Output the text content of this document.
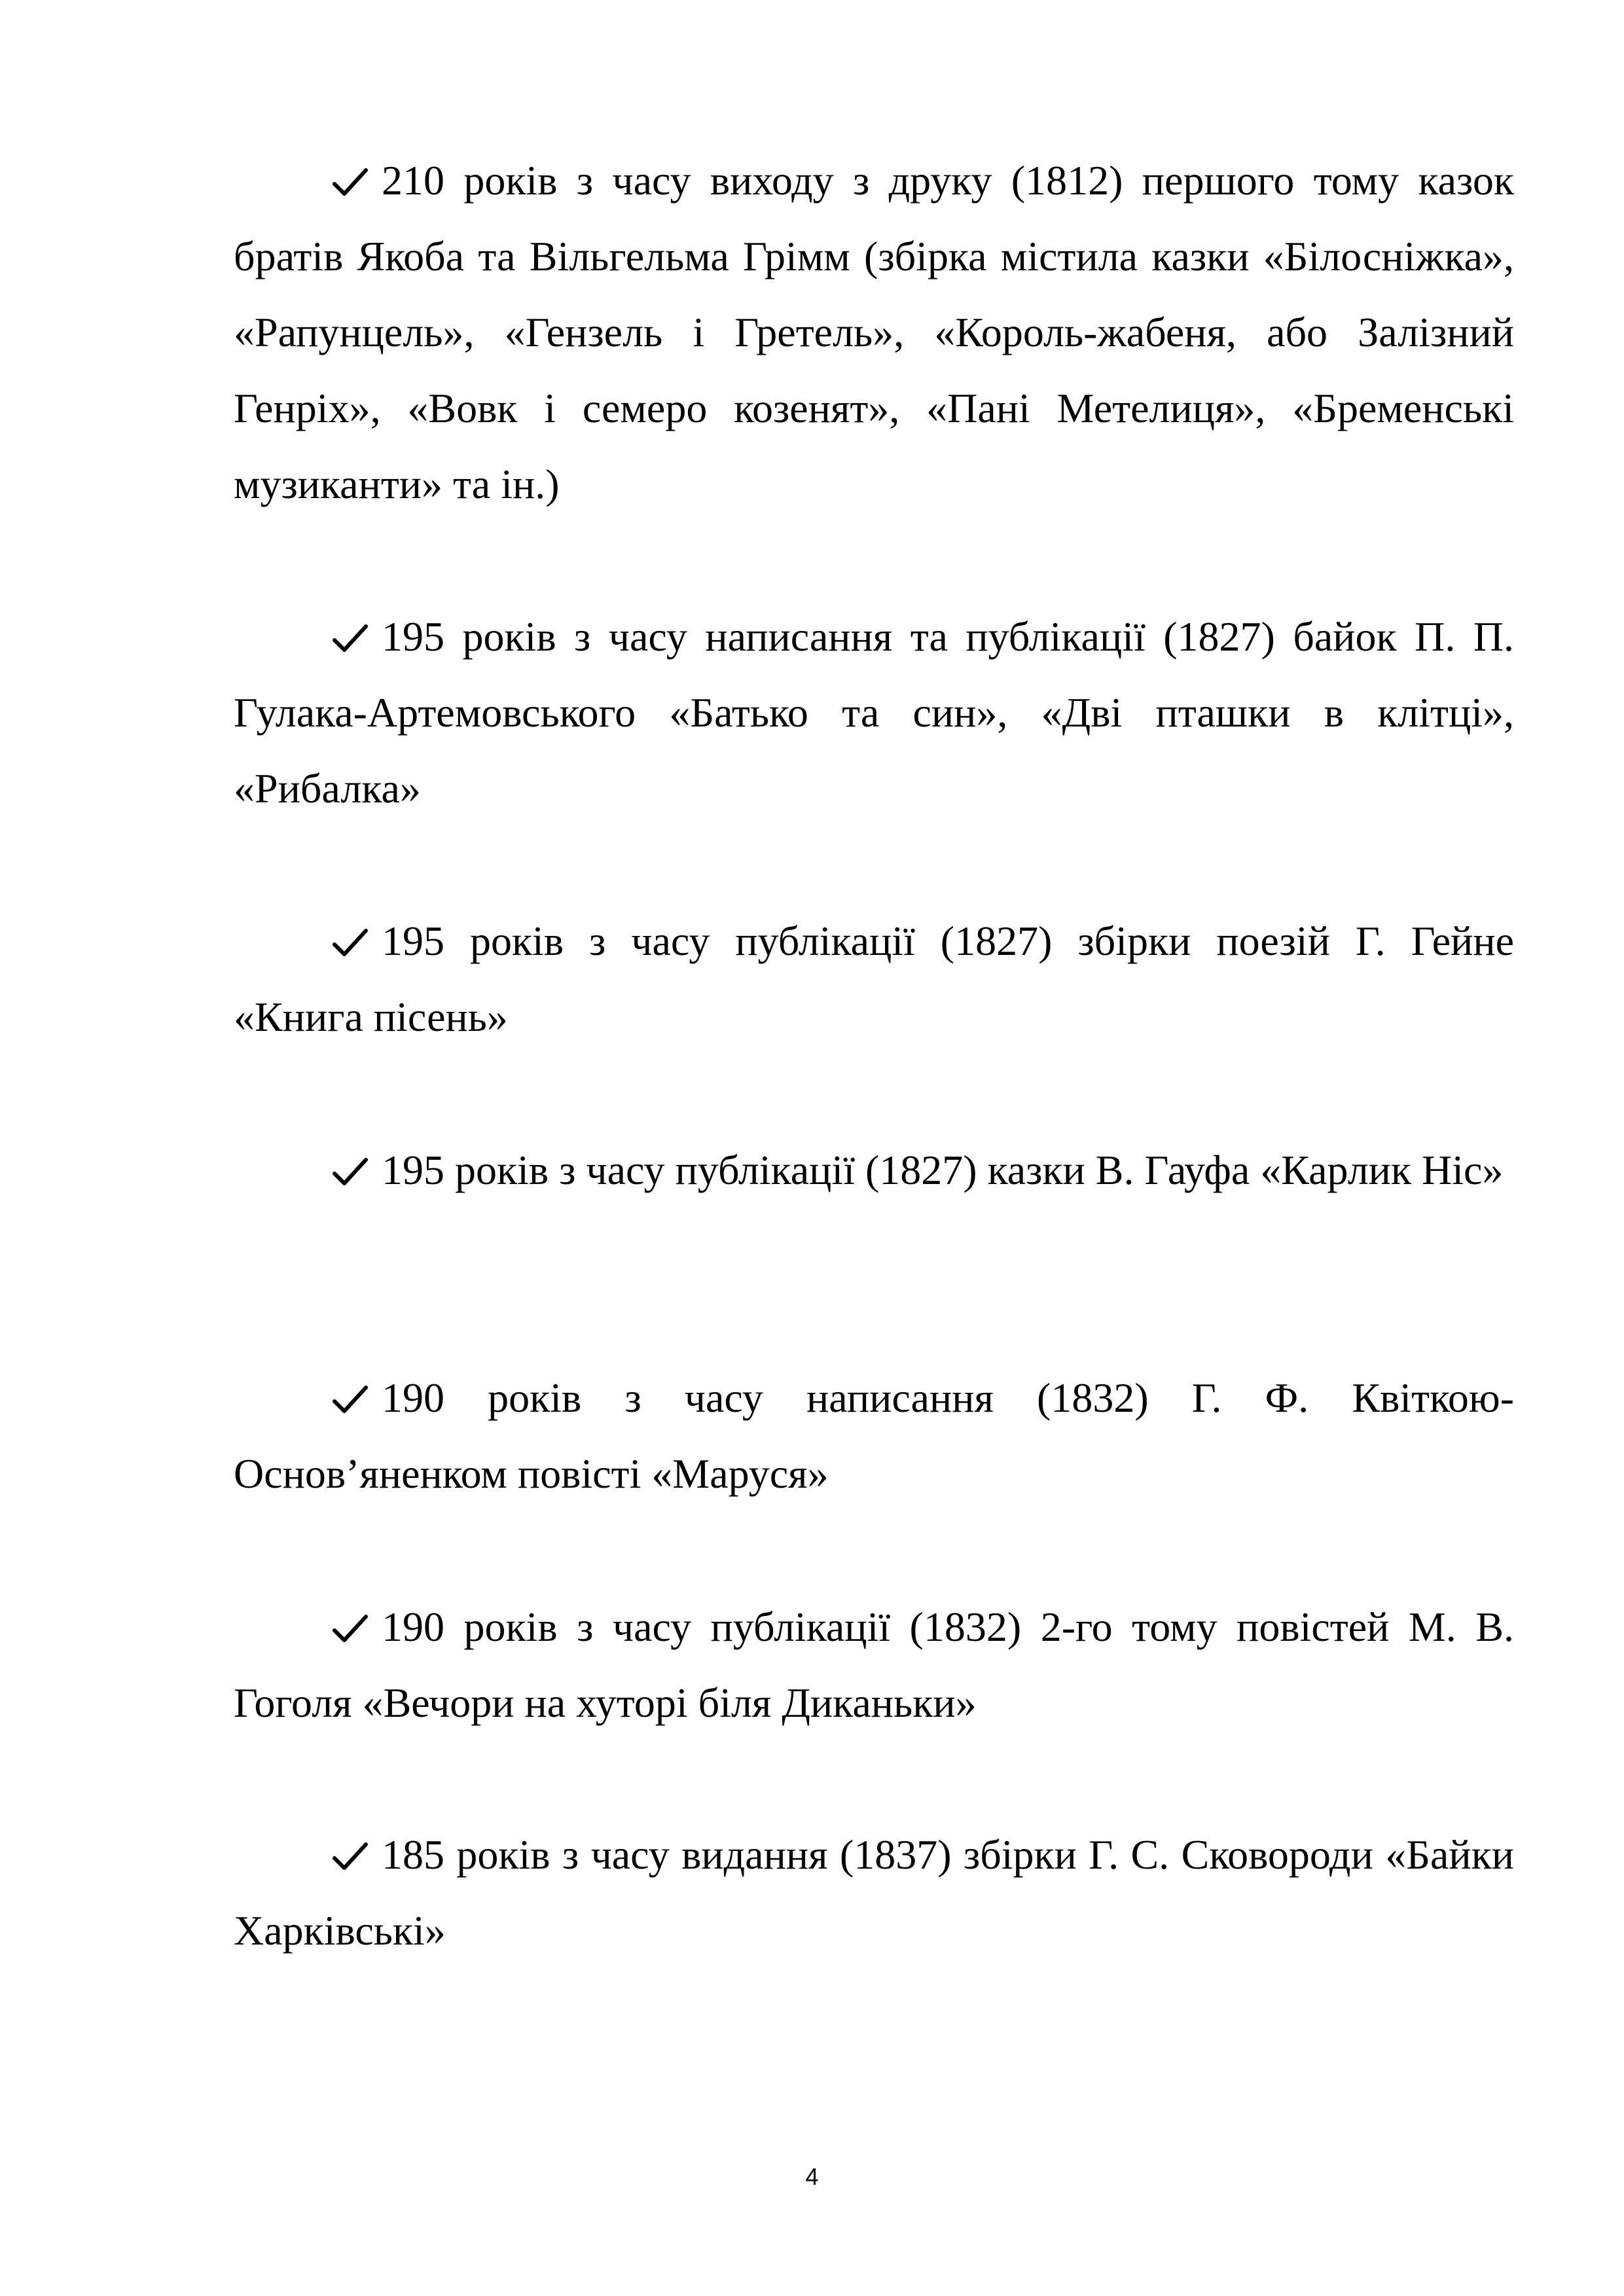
210 років з часу виходу з друку (1812) першого тому казок братів Якоба та Вільгельма Грімм (збірка містила казки «Білосніжка», «Рапунцель», «Гензель і Гретель», «Король-жабеня, або Залізний Генріх», «Вовк і семеро козенят», «Пані Метелиця», «Бременські музиканти» та ін.)

195 років з часу написання та публікації (1827) байок П. П. Гулака-Артемовського «Батько та син», «Дві пташки в клітці», «Рибалка»

195 років з часу публікації (1827) збірки поезій Г. Гейне «Книга пісень»

195 років з часу публікації (1827) казки В. Гауфа «Карлик Ніс»

190 років з часу написання (1832) Г. Ф. Квіткою-Основ’яненком повісті «Маруся»

190 років з часу публікації (1832) 2-го тому повістей М. В. Гоголя «Вечори на хуторі біля Диканьки»

185 років з часу видання (1837) збірки Г. С. Сковороди «Байки Харківські»

4
